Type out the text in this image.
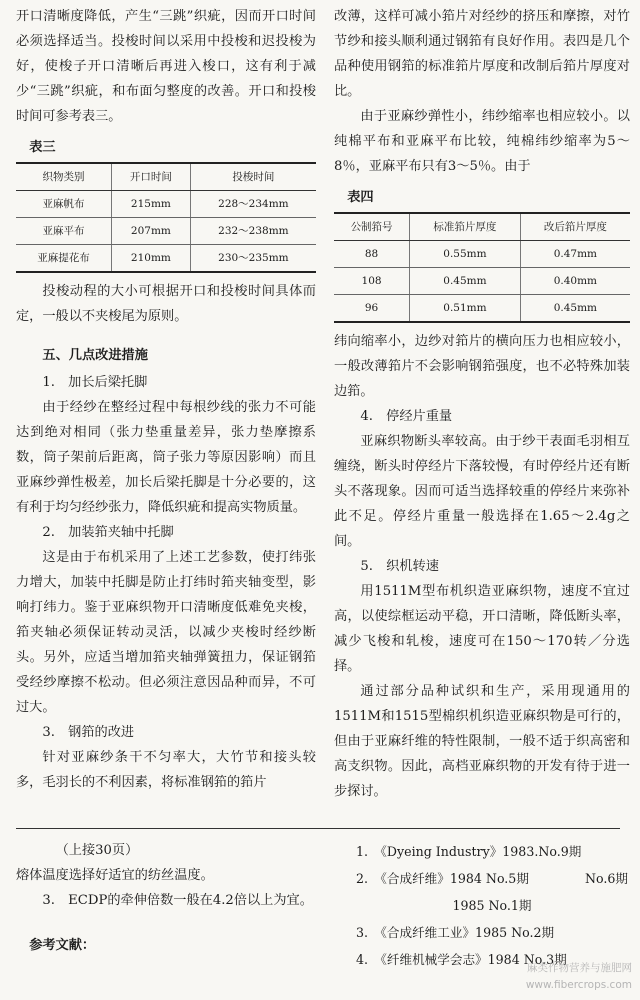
开口清晰度降低，产生“三跳”织疵，因而开口时间必须选择适当。投梭时间以采用中投梭和迟投梭为好，使梭子开口清晰后再进入梭口，这有利于减少“三跳”织疵，和布面匀整度的改善。开口和投梭时间可参考表三。

表三
织物类别	开口时间	投梭时间
亚麻帆布	215mm	228～234mm
亚麻平布	207mm	232～238mm
亚麻提花布	210mm	230～235mm

投梭动程的大小可根据开口和投梭时间具体而定，一般以不夹梭尾为原则。

五、几点改进措施
1.　加长后梁托脚

由于经纱在整经过程中每根纱线的张力不可能达到绝对相同（张力垫重量差异，张力垫摩擦系数，筒子架前后距离，筒子张力等原因影响）而且亚麻纱弹性极差，加长后梁托脚是十分必要的，这有利于均匀经纱张力，降低织疵和提高实物质量。

2.　加装筘夹轴中托脚

这是由于布机采用了上述工艺参数，使打纬张力增大，加装中托脚是防止打纬时筘夹轴变型，影响打纬力。鉴于亚麻织物开口清晰度低难免夹梭，筘夹轴必须保证转动灵活，以减少夹梭时经纱断头。另外，应适当增加筘夹轴弹簧扭力，保证钢筘受经纱摩擦不松动。但必须注意因品种而异，不可过大。

3.　钢筘的改进

针对亚麻纱条干不匀率大，大竹节和接头较多，毛羽长的不利因素，将标准钢筘的筘片

改薄，这样可减小筘片对经纱的挤压和摩擦，对竹节纱和接头顺利通过钢筘有良好作用。表四是几个品种使用钢筘的标准筘片厚度和改制后筘片厚度对比。

由于亚麻纱弹性小，纬纱缩率也相应较小。以纯棉平布和亚麻平布比较，纯棉纬纱缩率为5～8％，亚麻平布只有3～5％。由于

表四
公制筘号	标准筘片厚度	改后筘片厚度
88	0.55mm	0.47mm
108	0.45mm	0.40mm
96	0.51mm	0.45mm

纬向缩率小，边纱对筘片的横向压力也相应较小，一般改薄筘片不会影响钢筘强度，也不必特殊加装边筘。

4.　停经片重量

亚麻织物断头率较高。由于纱干表面毛羽相互缠绕，断头时停经片下落较慢，有时停经片还有断头不落现象。因而可适当选择较重的停经片来弥补此不足。停经片重量一般选择在1.65～2.4g之间。

5.　织机转速

用1511M型布机织造亚麻织物，速度不宜过高，以使综框运动平稳，开口清晰，降低断头率，减少飞梭和轧梭，速度可在150～170转／分选择。

通过部分品种试织和生产，采用现通用的1511M和1515型棉织机织造亚麻织物是可行的，但由于亚麻纤维的特性限制，一般不适于织高密和高支织物。因此，高档亚麻织物的开发有待于进一步探讨。

（上接30页）

熔体温度选择好适宜的纺丝温度。

3.　ECDP的牵伸倍数一般在4.2倍以上为宜。

参考文献：
1.　《Dyeing Industry》1983.No.9期
2.　《合成纤维》1984 No.5期	No.6期
1985 No.1期
3.　《合成纤维工业》1985 No.2期
4.　《纤维机械学会志》1984 No.3期
麻类作物营养与施肥网
www.fibercrops.com
